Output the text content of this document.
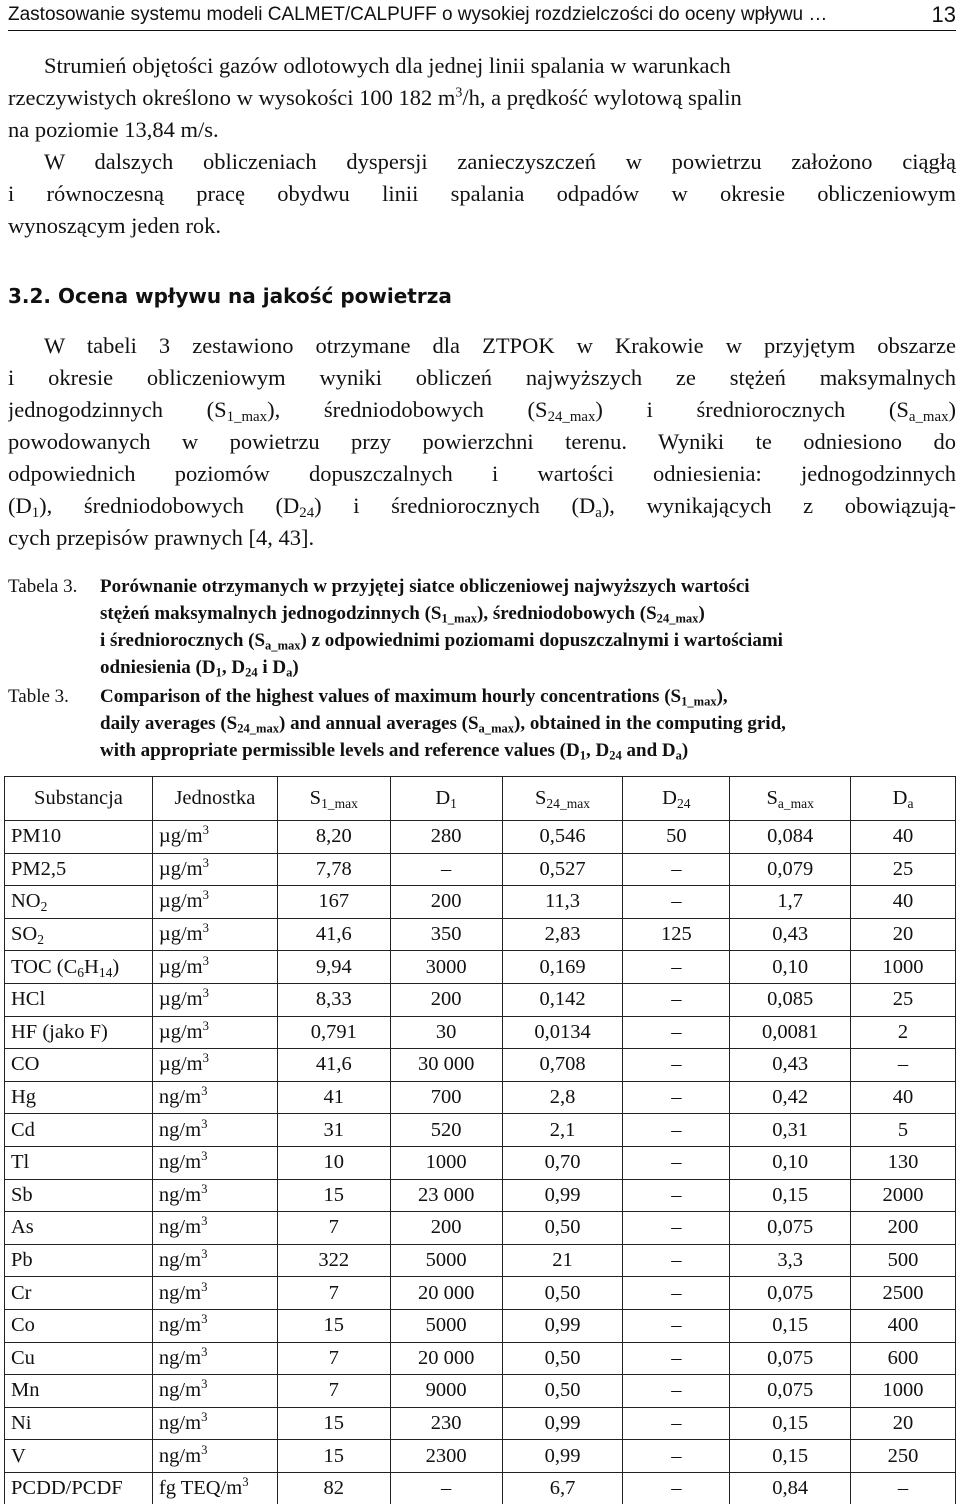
Zastosowanie systemu modeli CALMET/CALPUFF o wysokiej rozdzielczości do oceny wpływu …	13
Strumień objętości gazów odlotowych dla jednej linii spalania w warunkach
rzeczywistych określono w wysokości 100 182 $m^3/h$, a prędkość wylotową spalin
na poziomie 13,84 m/s.
W dalszych obliczeniach dyspersji zanieczyszczeń w powietrzu założono ciągłą
i równoczesną pracę obydwu linii spalania odpadów w okresie obliczeniowym
wynoszącym jeden rok.
3.2. Ocena wpływu na jakość powietrza
W tabeli 3 zestawiono otrzymane dla ZTPOK w Krakowie w przyjętym obszarze
i okresie obliczeniowym wyniki obliczeń najwyższych ze stężeń maksymalnych
jednogodzinnych $(S_{1\_max})$, średniodobowych $(S_{24\_max})$ i średniorocznych $(S_{a\_max})$
powodowanych w powietrzu przy powierzchni terenu. Wyniki te odniesiono do
odpowiednich poziomów dopuszczalnych i wartości odniesienia: jednogodzinnych
$(D_1)$, średniodobowych $(D_{24})$ i średniorocznych $(D_a)$, wynikających z obowiązują-
cych przepisów prawnych [4, 43].
Tabela 3. Porównanie otrzymanych w przyjętej siatce obliczeniowej najwyższych wartości
stężeń maksymalnych jednogodzinnych $(S_{1\_max})$, średniodobowych $(S_{24\_max})$
i średniorocznych $(S_{a\_max})$ z odpowiednimi poziomami dopuszczalnymi i wartościami
odniesienia ($D_1$, $D_{24}$ i $D_a$)
Table 3. Comparison of the highest values of maximum hourly concentrations $(S_{1\_max})$,
daily averages $(S_{24\_max})$ and annual averages $(S_{a\_max})$, obtained in the computing grid,
with appropriate permissible levels and reference values ($D_1$, $D_{24}$ and $D_a$)
Substancja	Jednostka	$S_{1\_max}$	$D_1$	$S_{24\_max}$	$D_{24}$	$S_{a\_max}$	$D_a$
PM10	$\mu g/m^3$	8,20	280	0,546	50	0,084	40
PM2,5	$\mu g/m^3$	7,78	–	0,527	–	0,079	25
$NO_2$	$\mu g/m^3$	167	200	11,3	–	1,7	40
$SO_2$	$\mu g/m^3$	41,6	350	2,83	125	0,43	20
TOC $(C_6H_{14})$	$\mu g/m^3$	9,94	3000	0,169	–	0,10	1000
HCl	$\mu g/m^3$	8,33	200	0,142	–	0,085	25
HF (jako F)	$\mu g/m^3$	0,791	30	0,0134	–	0,0081	2
CO	$\mu g/m^3$	41,6	30 000	0,708	–	0,43	–
Hg	$ng/m^3$	41	700	2,8	–	0,42	40
Cd	$ng/m^3$	31	520	2,1	–	0,31	5
Tl	$ng/m^3$	10	1000	0,70	–	0,10	130
Sb	$ng/m^3$	15	23 000	0,99	–	0,15	2000
As	$ng/m^3$	7	200	0,50	–	0,075	200
Pb	$ng/m^3$	322	5000	21	–	3,3	500
Cr	$ng/m^3$	7	20 000	0,50	–	0,075	2500
Co	$ng/m^3$	15	5000	0,99	–	0,15	400
Cu	$ng/m^3$	7	20 000	0,50	–	0,075	600
Mn	$ng/m^3$	7	9000	0,50	–	0,075	1000
Ni	$ng/m^3$	15	230	0,99	–	0,15	20
V	$ng/m^3$	15	2300	0,99	–	0,15	250
PCDD/PCDF	fg TEQ/$m^3$	82	–	6,7	–	0,84	–
